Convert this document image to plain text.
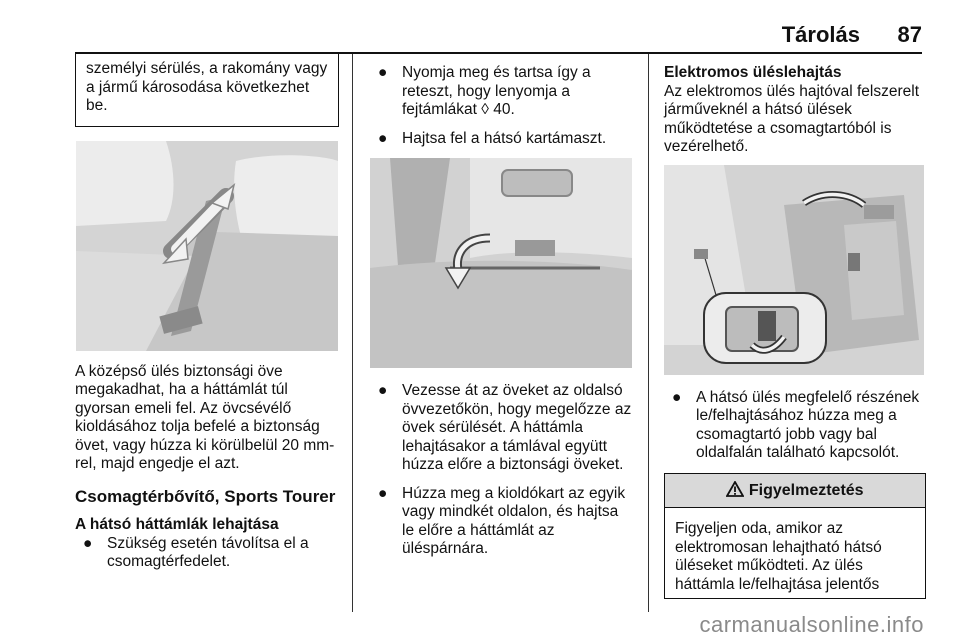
Tárolás 87
személyi sérülés, a rakomány vagy a jármű károsodása következhet be.

A középső ülés biztonsági öve megakadhat, ha a háttámlát túl gyorsan emeli fel. Az övcsévélő kioldásához tolja befelé a biztonság övet, vagy húzza ki körülbelül 20 mm-rel, majd engedje el azt.

Csomagtérbővítő, Sports Tourer
A hátsó háttámlák lehajtása
● Szükség esetén távolítsa el a csomagtérfedelet.
● Nyomja meg és tartsa így a reteszt, hogy lenyomja a fejtámlákat ◊ 40.
● Hajtsa fel a hátsó kartámaszt.
● Vezesse át az öveket az oldalsó övvezetőkön, hogy megelőzze az övek sérülését. A háttámla lehajtásakor a támlával együtt húzza előre a biztonsági öveket.
● Húzza meg a kioldókart az egyik vagy mindkét oldalon, és hajtsa le előre a háttámlát az üléspárnára.
Elektromos üléslehajtás

Az elektromos ülés hajtóval felszerelt járműveknél a hátsó ülések működtetése a csomagtartóból is vezérelhető.

● A hátsó ülés megfelelő részének le/felhajtásához húzza meg a csomagtartó jobb vagy bal oldalfalán található kapcsolót.
Figyelmeztetés
Figyeljen oda, amikor az elektromosan lehajtható hátsó üléseket működteti. Az ülés háttámla le/felhajtása jelentős
carmanualsonline.info
